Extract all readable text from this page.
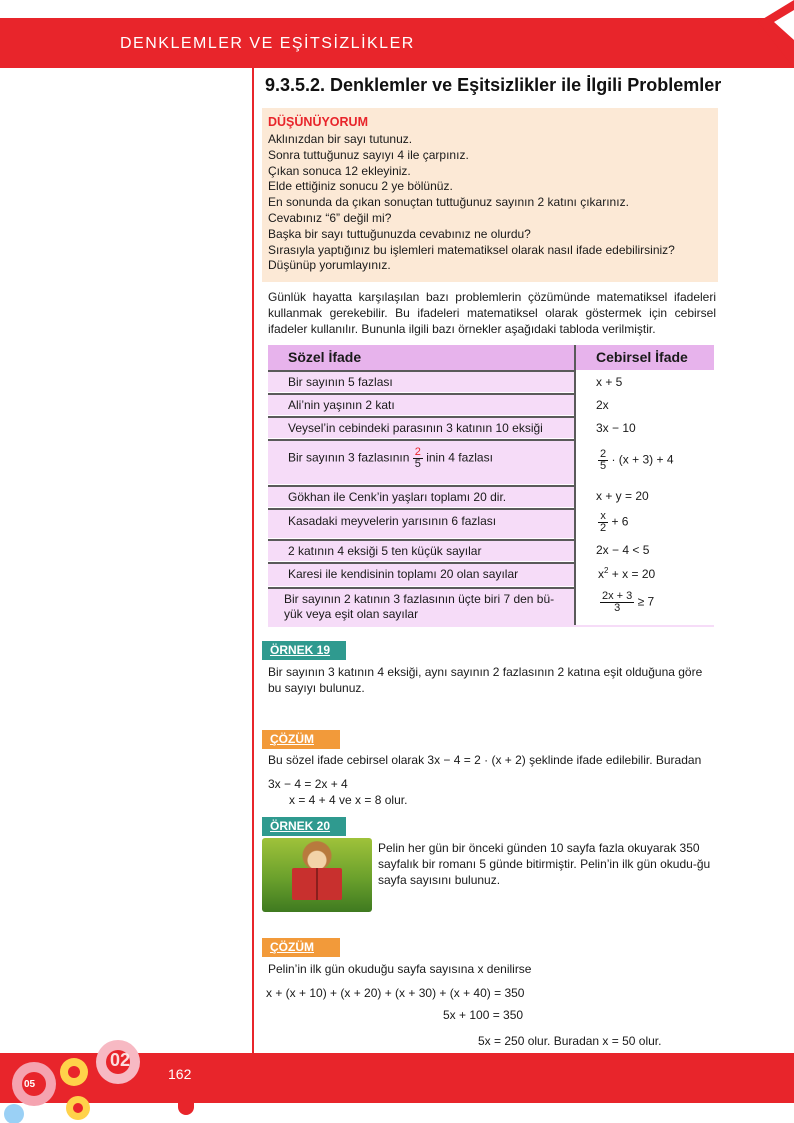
DENKLEMLER VE EŞİTSİZLİKLER
9.3.5.2. Denklemler ve Eşitsizlikler ile İlgili Problemler
DÜŞÜNÜYORUM
Aklınızdan bir sayı tutunuz.
Sonra tuttuğunuz sayıyı 4 ile çarpınız.
Çıkan sonuca 12 ekleyiniz.
Elde ettiğiniz sonucu 2 ye bölünüz.
En sonunda da çıkan sonuçtan tuttuğunuz sayının 2 katını çıkarınız.
Cevabınız “6” değil mi?
Başka bir sayı tuttuğunuzda cevabınız ne olurdu?
Sırasıyla yaptığınız bu işlemleri matematiksel olarak nasıl ifade edebilirsiniz?
Düşünüp yorumlayınız.
Günlük hayatta karşılaşılan bazı problemlerin çözümünde matematiksel ifadeleri kullanmak gerekebilir. Bu ifadeleri matematiksel olarak göstermek için cebirsel ifadeler kullanılır. Bununla ilgili bazı örnekler aşağıdaki tabloda verilmiştir.
Sözel İfade	Cebirsel İfade
Bir sayının 5 fazlası
Ali’nin yaşının 2 katı
Veysel’in cebindeki parasının 3 katının 10 eksiği
Bir sayının 3 fazlasının $\frac{2}{5}$ inin 4 fazlası
Gökhan ile Cenk’in yaşları toplamı 20 dir.
Kasadaki meyvelerin yarısının 6 fazlası
2 katının 4 eksiği 5 ten küçük sayılar
Karesi ile kendisinin toplamı 20 olan sayılar
Bir sayının 2 katının 3 fazlasının üçte biri 7 den bü-
yük veya eşit olan sayılar
x + 5
2x
3x − 10
$\frac{2}{5} \cdot (x + 3) + 4$
x + y = 20
$\frac{x}{2} + 6$
2x − 4 < 5
$x^2 + x = 20$
$\frac{2x + 3}{3} \ge 7$
ÖRNEK 19
Bir sayının 3 katının 4 eksiği, aynı sayının 2 fazlasının 2 katına eşit olduğuna göre bu sayıyı bulunuz.
ÇÖZÜM
Bu sözel ifade cebirsel olarak 3x − 4 = 2 · (x + 2) şeklinde ifade edilebilir. Buradan
3x − 4 = 2x + 4
x = 4 + 4 ve x = 8 olur.
ÖRNEK 20
Pelin her gün bir önceki günden 10 sayfa fazla okuyarak 350 sayfalık bir romanı 5 günde bitirmiştir. Pelin’in ilk gün okudu-ğu sayfa sayısını bulunuz.
ÇÖZÜM
Pelin’in ilk gün okuduğu sayfa sayısına x denilirse
x + (x + 10) + (x + 20) + (x + 30) + (x + 40) = 350
5x + 100 = 350
5x = 250 olur. Buradan x = 50 olur.
05
02
162
